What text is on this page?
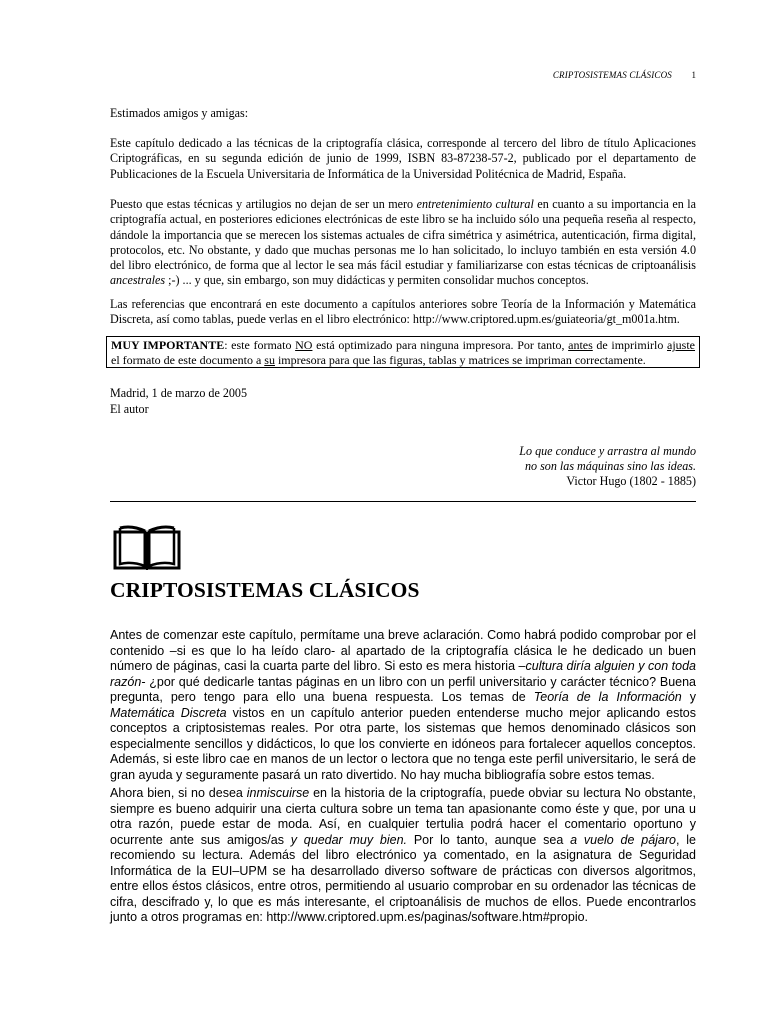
CRIPTOSISTEMAS CLÁSICOS 1

Estimados amigos y amigas:

Este capítulo dedicado a las técnicas de la criptografía clásica, corresponde al tercero del libro de título Aplicaciones Criptográficas, en su segunda edición de junio de 1999, ISBN 83-87238-57-2, publicado por el departamento de Publicaciones de la Escuela Universitaria de Informática de la Universidad Politécnica de Madrid, España.

Puesto que estas técnicas y artilugios no dejan de ser un mero entretenimiento cultural en cuanto a su importancia en la criptografía actual, en posteriores ediciones electrónicas de este libro se ha incluido sólo una pequeña reseña al respecto, dándole la importancia que se merecen los sistemas actuales de cifra simétrica y asimétrica, autenticación, firma digital, protocolos, etc. No obstante, y dado que muchas personas me lo han solicitado, lo incluyo también en esta versión 4.0 del libro electrónico, de forma que al lector le sea más fácil estudiar y familiarizarse con estas técnicas de criptoanálisis ancestrales ;-) ... y que, sin embargo, son muy didácticas y permiten consolidar muchos conceptos.

Las referencias que encontrará en este documento a capítulos anteriores sobre Teoría de la Información y Matemática Discreta, así como tablas, puede verlas en el libro electrónico: http://www.criptored.upm.es/guiateoria/gt_m001a.htm.

MUY IMPORTANTE: este formato NO está optimizado para ninguna impresora. Por tanto, antes de imprimirlo ajuste el formato de este documento a su impresora para que las figuras, tablas y matrices se impriman correctamente.

Madrid, 1 de marzo de 2005

El autor

Lo que conduce y arrastra al mundo
no son las máquinas sino las ideas.
Victor Hugo (1802 - 1885)
CRIPTOSISTEMAS CLÁSICOS

Antes de comenzar este capítulo, permítame una breve aclaración. Como habrá podido comprobar por el contenido –si es que lo ha leído claro- al apartado de la criptografía clásica le he dedicado un buen número de páginas, casi la cuarta parte del libro. Si esto es mera historia –cultura diría alguien y con toda razón- ¿por qué dedicarle tantas páginas en un libro con un perfil universitario y carácter técnico? Buena pregunta, pero tengo para ello una buena respuesta. Los temas de Teoría de la Información y Matemática Discreta vistos en un capítulo anterior pueden entenderse mucho mejor aplicando estos conceptos a criptosistemas reales. Por otra parte, los sistemas que hemos denominado clásicos son especialmente sencillos y didácticos, lo que los convierte en idóneos para fortalecer aquellos conceptos. Además, si este libro cae en manos de un lector o lectora que no tenga este perfil universitario, le será de gran ayuda y seguramente pasará un rato divertido. No hay mucha bibliografía sobre estos temas.

Ahora bien, si no desea inmiscuirse en la historia de la criptografía, puede obviar su lectura No obstante, siempre es bueno adquirir una cierta cultura sobre un tema tan apasionante como éste y que, por una u otra razón, puede estar de moda. Así, en cualquier tertulia podrá hacer el comentario oportuno y ocurrente ante sus amigos/as y quedar muy bien. Por lo tanto, aunque sea a vuelo de pájaro, le recomiendo su lectura. Además del libro electrónico ya comentado, en la asignatura de Seguridad Informática de la EUI–UPM se ha desarrollado diverso software de prácticas con diversos algoritmos, entre ellos éstos clásicos, entre otros, permitiendo al usuario comprobar en su ordenador las técnicas de cifra, descifrado y, lo que es más interesante, el criptoanálisis de muchos de ellos. Puede encontrarlos junto a otros programas en: http://www.criptored.upm.es/paginas/software.htm#propio.
